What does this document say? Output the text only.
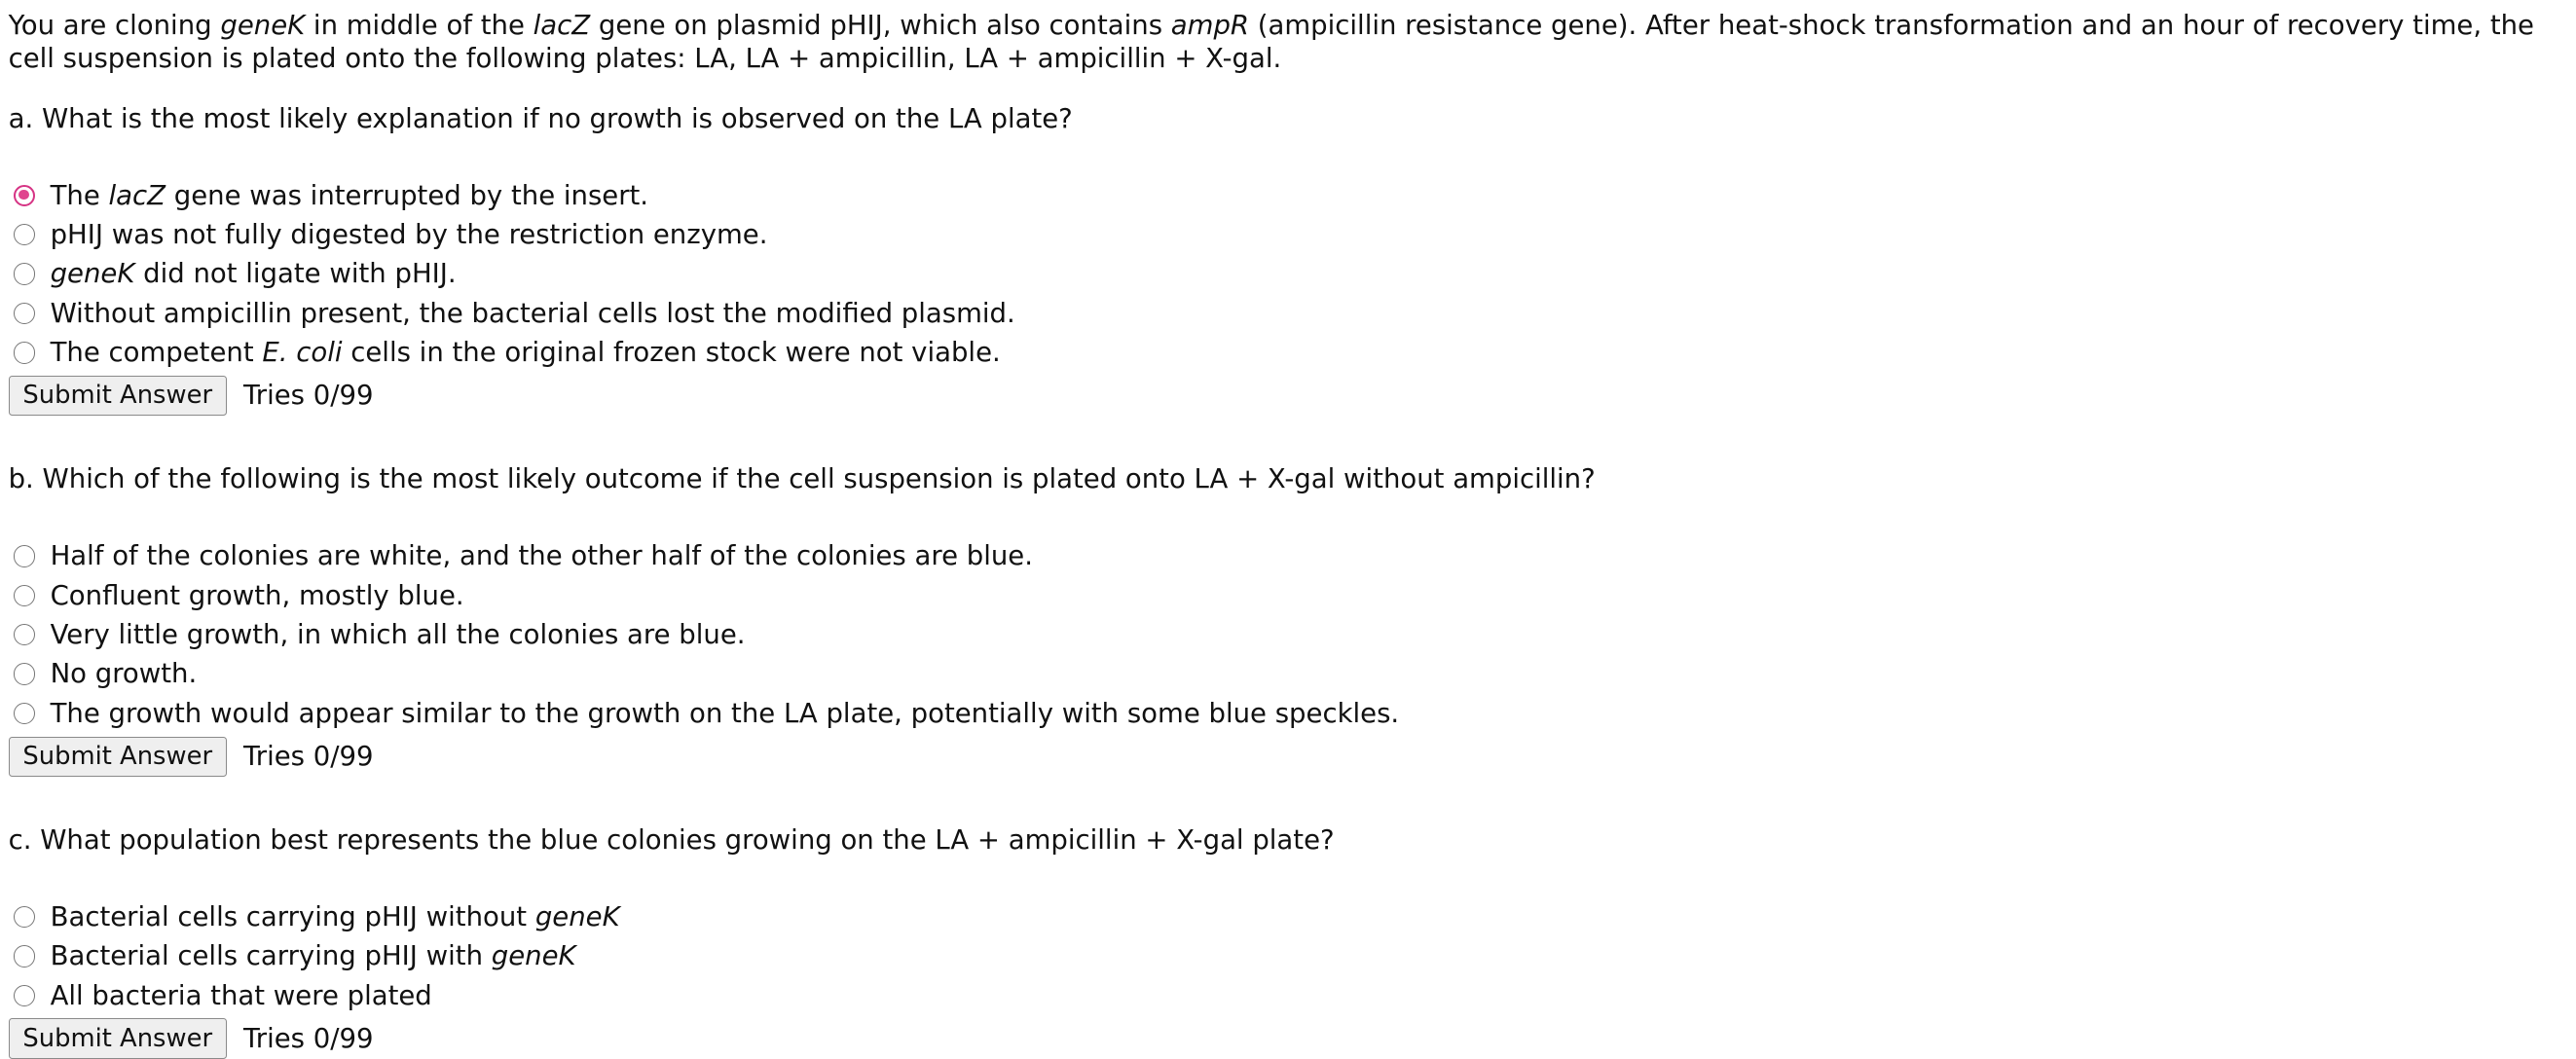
You are cloning geneK in middle of the lacZ gene on plasmid pHIJ, which also contains ampR (ampicillin resistance gene). After heat-shock transformation and an hour of recovery time, the cell suspension is plated onto the following plates: LA, LA + ampicillin, LA + ampicillin + X-gal.

a. What is the most likely explanation if no growth is observed on the LA plate?

The lacZ gene was interrupted by the insert.
pHIJ was not fully digested by the restriction enzyme.
geneK did not ligate with pHIJ.
Without ampicillin present, the bacterial cells lost the modified plasmid.
The competent E. coli cells in the original frozen stock were not viable.
Submit Answer	Tries 0/99

b. Which of the following is the most likely outcome if the cell suspension is plated onto LA + X-gal without ampicillin?

Half of the colonies are white, and the other half of the colonies are blue.
Confluent growth, mostly blue.
Very little growth, in which all the colonies are blue.
No growth.
The growth would appear similar to the growth on the LA plate, potentially with some blue speckles.
Submit Answer	Tries 0/99

c. What population best represents the blue colonies growing on the LA + ampicillin + X-gal plate?

Bacterial cells carrying pHIJ without geneK
Bacterial cells carrying pHIJ with geneK
All bacteria that were plated
Submit Answer	Tries 0/99
